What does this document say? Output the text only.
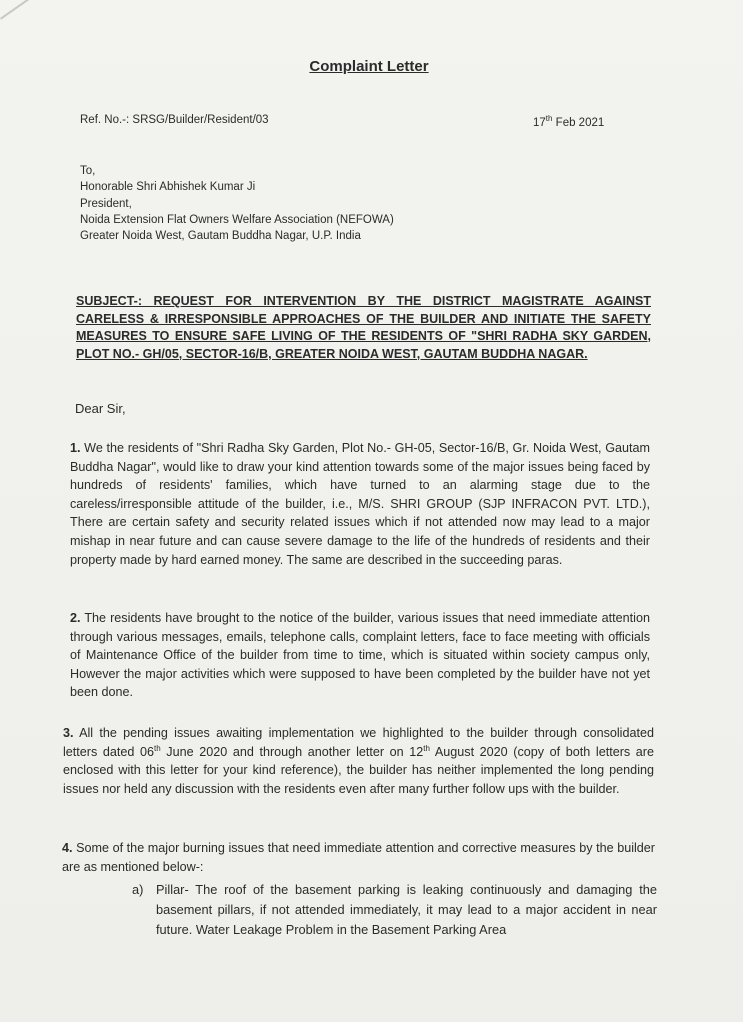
Complaint Letter
Ref. No.-: SRSG/Builder/Resident/03	17th Feb 2021
To,
Honorable Shri Abhishek Kumar Ji
President,
Noida Extension Flat Owners Welfare Association (NEFOWA)
Greater Noida West, Gautam Buddha Nagar, U.P. India
SUBJECT-: REQUEST FOR INTERVENTION BY THE DISTRICT MAGISTRATE AGAINST CARELESS & IRRESPONSIBLE APPROACHES OF THE BUILDER AND INITIATE THE SAFETY MEASURES TO ENSURE SAFE LIVING OF THE RESIDENTS OF "SHRI RADHA SKY GARDEN, PLOT NO.- GH/05, SECTOR-16/B, GREATER NOIDA WEST, GAUTAM BUDDHA NAGAR.
Dear Sir,
1. We the residents of "Shri Radha Sky Garden, Plot No.- GH-05, Sector-16/B, Gr. Noida West, Gautam Buddha Nagar", would like to draw your kind attention towards some of the major issues being faced by hundreds of residents' families, which have turned to an alarming stage due to the careless/irresponsible attitude of the builder, i.e., M/S. SHRI GROUP (SJP INFRACON PVT. LTD.), There are certain safety and security related issues which if not attended now may lead to a major mishap in near future and can cause severe damage to the life of the hundreds of residents and their property made by hard earned money. The same are described in the succeeding paras.
2. The residents have brought to the notice of the builder, various issues that need immediate attention through various messages, emails, telephone calls, complaint letters, face to face meeting with officials of Maintenance Office of the builder from time to time, which is situated within society campus only, However the major activities which were supposed to have been completed by the builder have not yet been done.
3. All the pending issues awaiting implementation we highlighted to the builder through consolidated letters dated 06th June 2020 and through another letter on 12th August 2020 (copy of both letters are enclosed with this letter for your kind reference), the builder has neither implemented the long pending issues nor held any discussion with the residents even after many further follow ups with the builder.
4. Some of the major burning issues that need immediate attention and corrective measures by the builder are as mentioned below-:
a) Pillar- The roof of the basement parking is leaking continuously and damaging the basement pillars, if not attended immediately, it may lead to a major accident in near future. Water Leakage Problem in the Basement Parking Area
